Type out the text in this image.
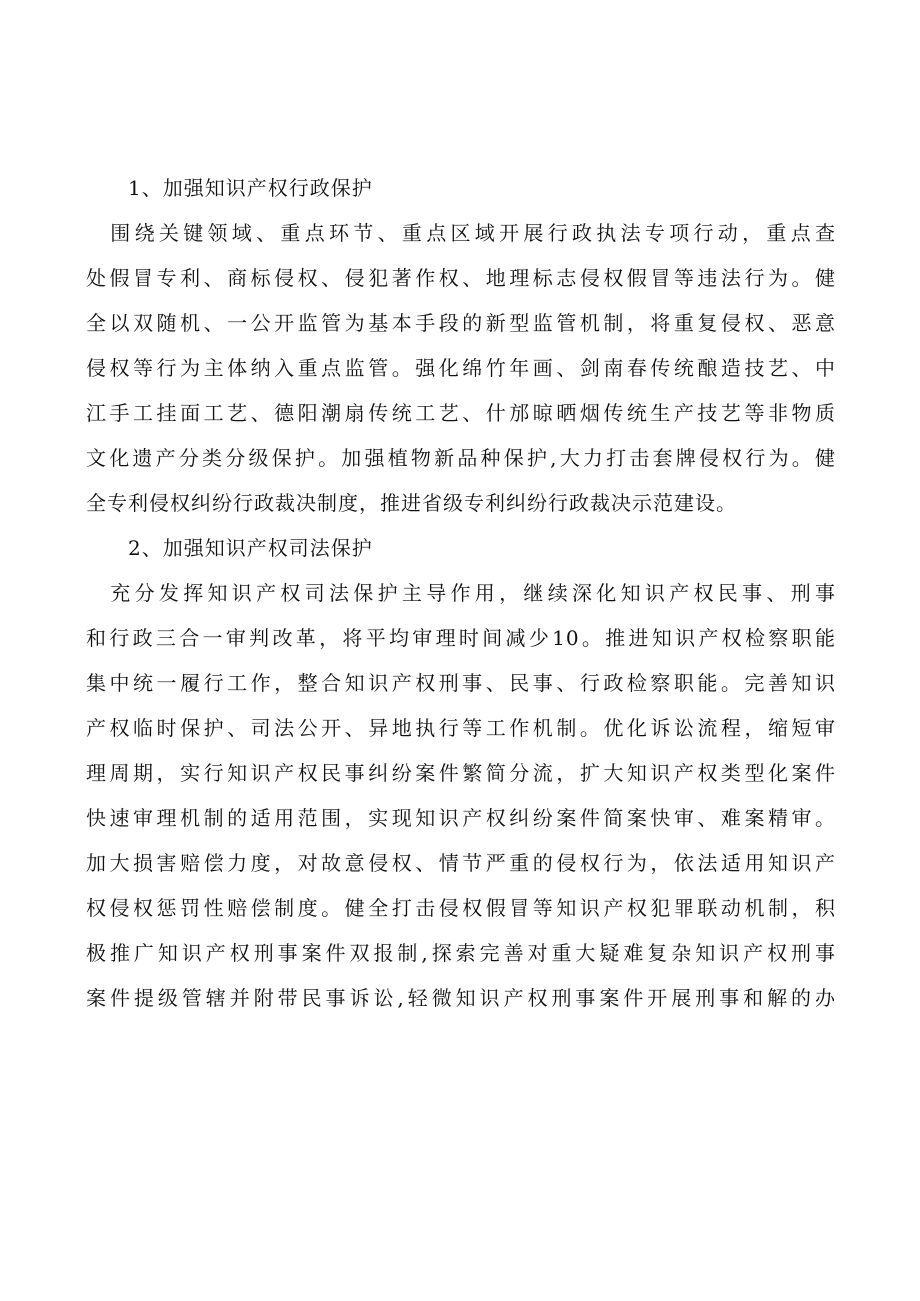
1、加强知识产权行政保护
　围绕关键领域、重点环节、重点区域开展行政执法专项行动，重点查
处假冒专利、商标侵权、侵犯著作权、地理标志侵权假冒等违法行为。健
全以双随机、一公开监管为基本手段的新型监管机制，将重复侵权、恶意
侵权等行为主体纳入重点监管。强化绵竹年画、剑南春传统酿造技艺、中
江手工挂面工艺、德阳潮扇传统工艺、什邡晾晒烟传统生产技艺等非物质
文化遗产分类分级保护。加强植物新品种保护,大力打击套牌侵权行为。健
全专利侵权纠纷行政裁决制度，推进省级专利纠纷行政裁决示范建设。
2、加强知识产权司法保护
　充分发挥知识产权司法保护主导作用，继续深化知识产权民事、刑事
和行政三合一审判改革，将平均审理时间减少10。推进知识产权检察职能
集中统一履行工作，整合知识产权刑事、民事、行政检察职能。完善知识
产权临时保护、司法公开、异地执行等工作机制。优化诉讼流程，缩短审
理周期，实行知识产权民事纠纷案件繁简分流，扩大知识产权类型化案件
快速审理机制的适用范围，实现知识产权纠纷案件简案快审、难案精审。
加大损害赔偿力度，对故意侵权、情节严重的侵权行为，依法适用知识产
权侵权惩罚性赔偿制度。健全打击侵权假冒等知识产权犯罪联动机制，积
极推广知识产权刑事案件双报制,探索完善对重大疑难复杂知识产权刑事
案件提级管辖并附带民事诉讼,轻微知识产权刑事案件开展刑事和解的办
